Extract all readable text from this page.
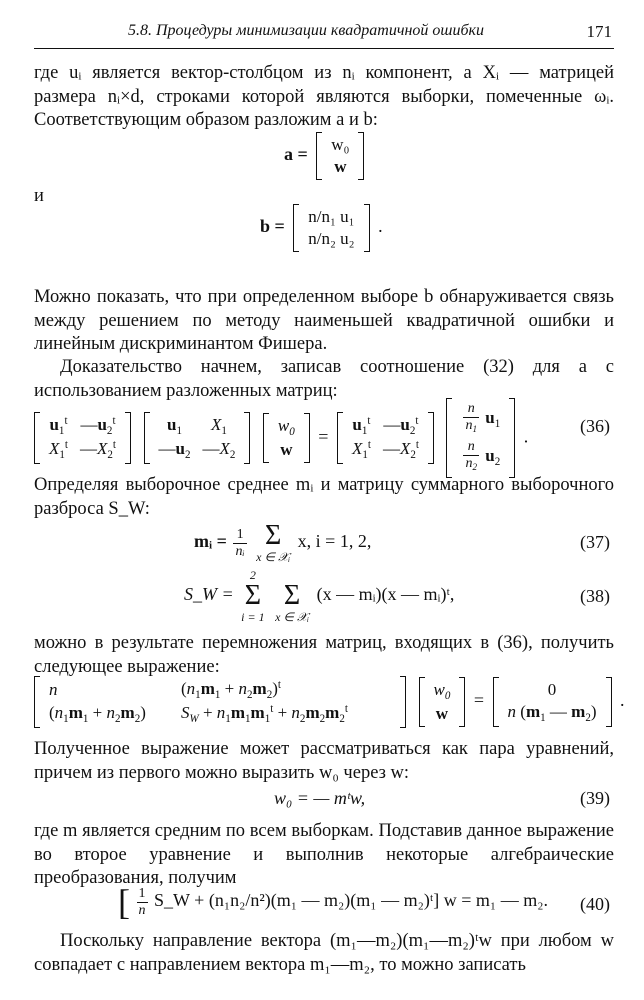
5.8. Процедуры минимизации квадратичной ошибки	171

где uᵢ является вектор-столбцом из nᵢ компонент, а Xᵢ — матрицей размера nᵢ×d, строками которой являются выборки, помеченные ωᵢ. Соответствующим образом разложим a и b:

a = w₀
w
и
b = n/n₁ u₁
n/n₂ u₂
.

Можно показать, что при определенном выборе b обнаруживается связь между решением по методу наименьшей квадратичной ошибки и линейным дискриминантом Фишера.

Доказательство начнем, записав соотношение (32) для a с использованием разложенных матриц:

$u_1^t$	$—u_2^t$
$X_1^t$	$—X_2^t$

$u_1$	$X_1$
$—u_2$	$—X_2$

$w_0$
w
=
$u_1^t$	$—u_2^t$
$X_1^t$	$—X_2^t$

$\frac{n}{n_1} u_1$

$\frac{n}{n_2} u_2$
.
(36)

Определяя выборочное среднее mᵢ и матрицу суммарного выборочного разброса S_W:

mᵢ = $\frac{1}{\text{nᵢ}}$
Σ
x ∈ 𝒳ᵢ
x, i = 1, 2,	(37)
S_W =
2
Σ
i = 1

Σ
x ∈ 𝒳ᵢ
(x — mᵢ)(x — mᵢ)ᵗ,	(38)

можно в результате перемножения матриц, входящих в (36), получить следующее выражение:

n	$(n_1m_1 + n_2m_2)^t$
$(n_1m_1 + n_2m_2)$	$S_W + n_1m_1m_1^t + n_2m_2m_2^t$

$w_0$
w
=
0
n ($m_1$ — $m_2$)
.

Полученное выражение может рассматриваться как пара уравнений, причем из первого можно выразить w₀ через w:

w₀ = — mᵗw,	(39)

где m является средним по всем выборкам. Подставив данное выражение во второе уравнение и выполнив некоторые алгебраические преобразования, получим

[ $\frac{1}{n}$ S_W + (n₁n₂/n²)(m₁ — m₂)(m₁ — m₂)ᵗ] w = m₁ — m₂. (40)

Поскольку направление вектора (m₁—m₂)(m₁—m₂)ᵗw при любом w совпадает с направлением вектора m₁—m₂, то можно записать
